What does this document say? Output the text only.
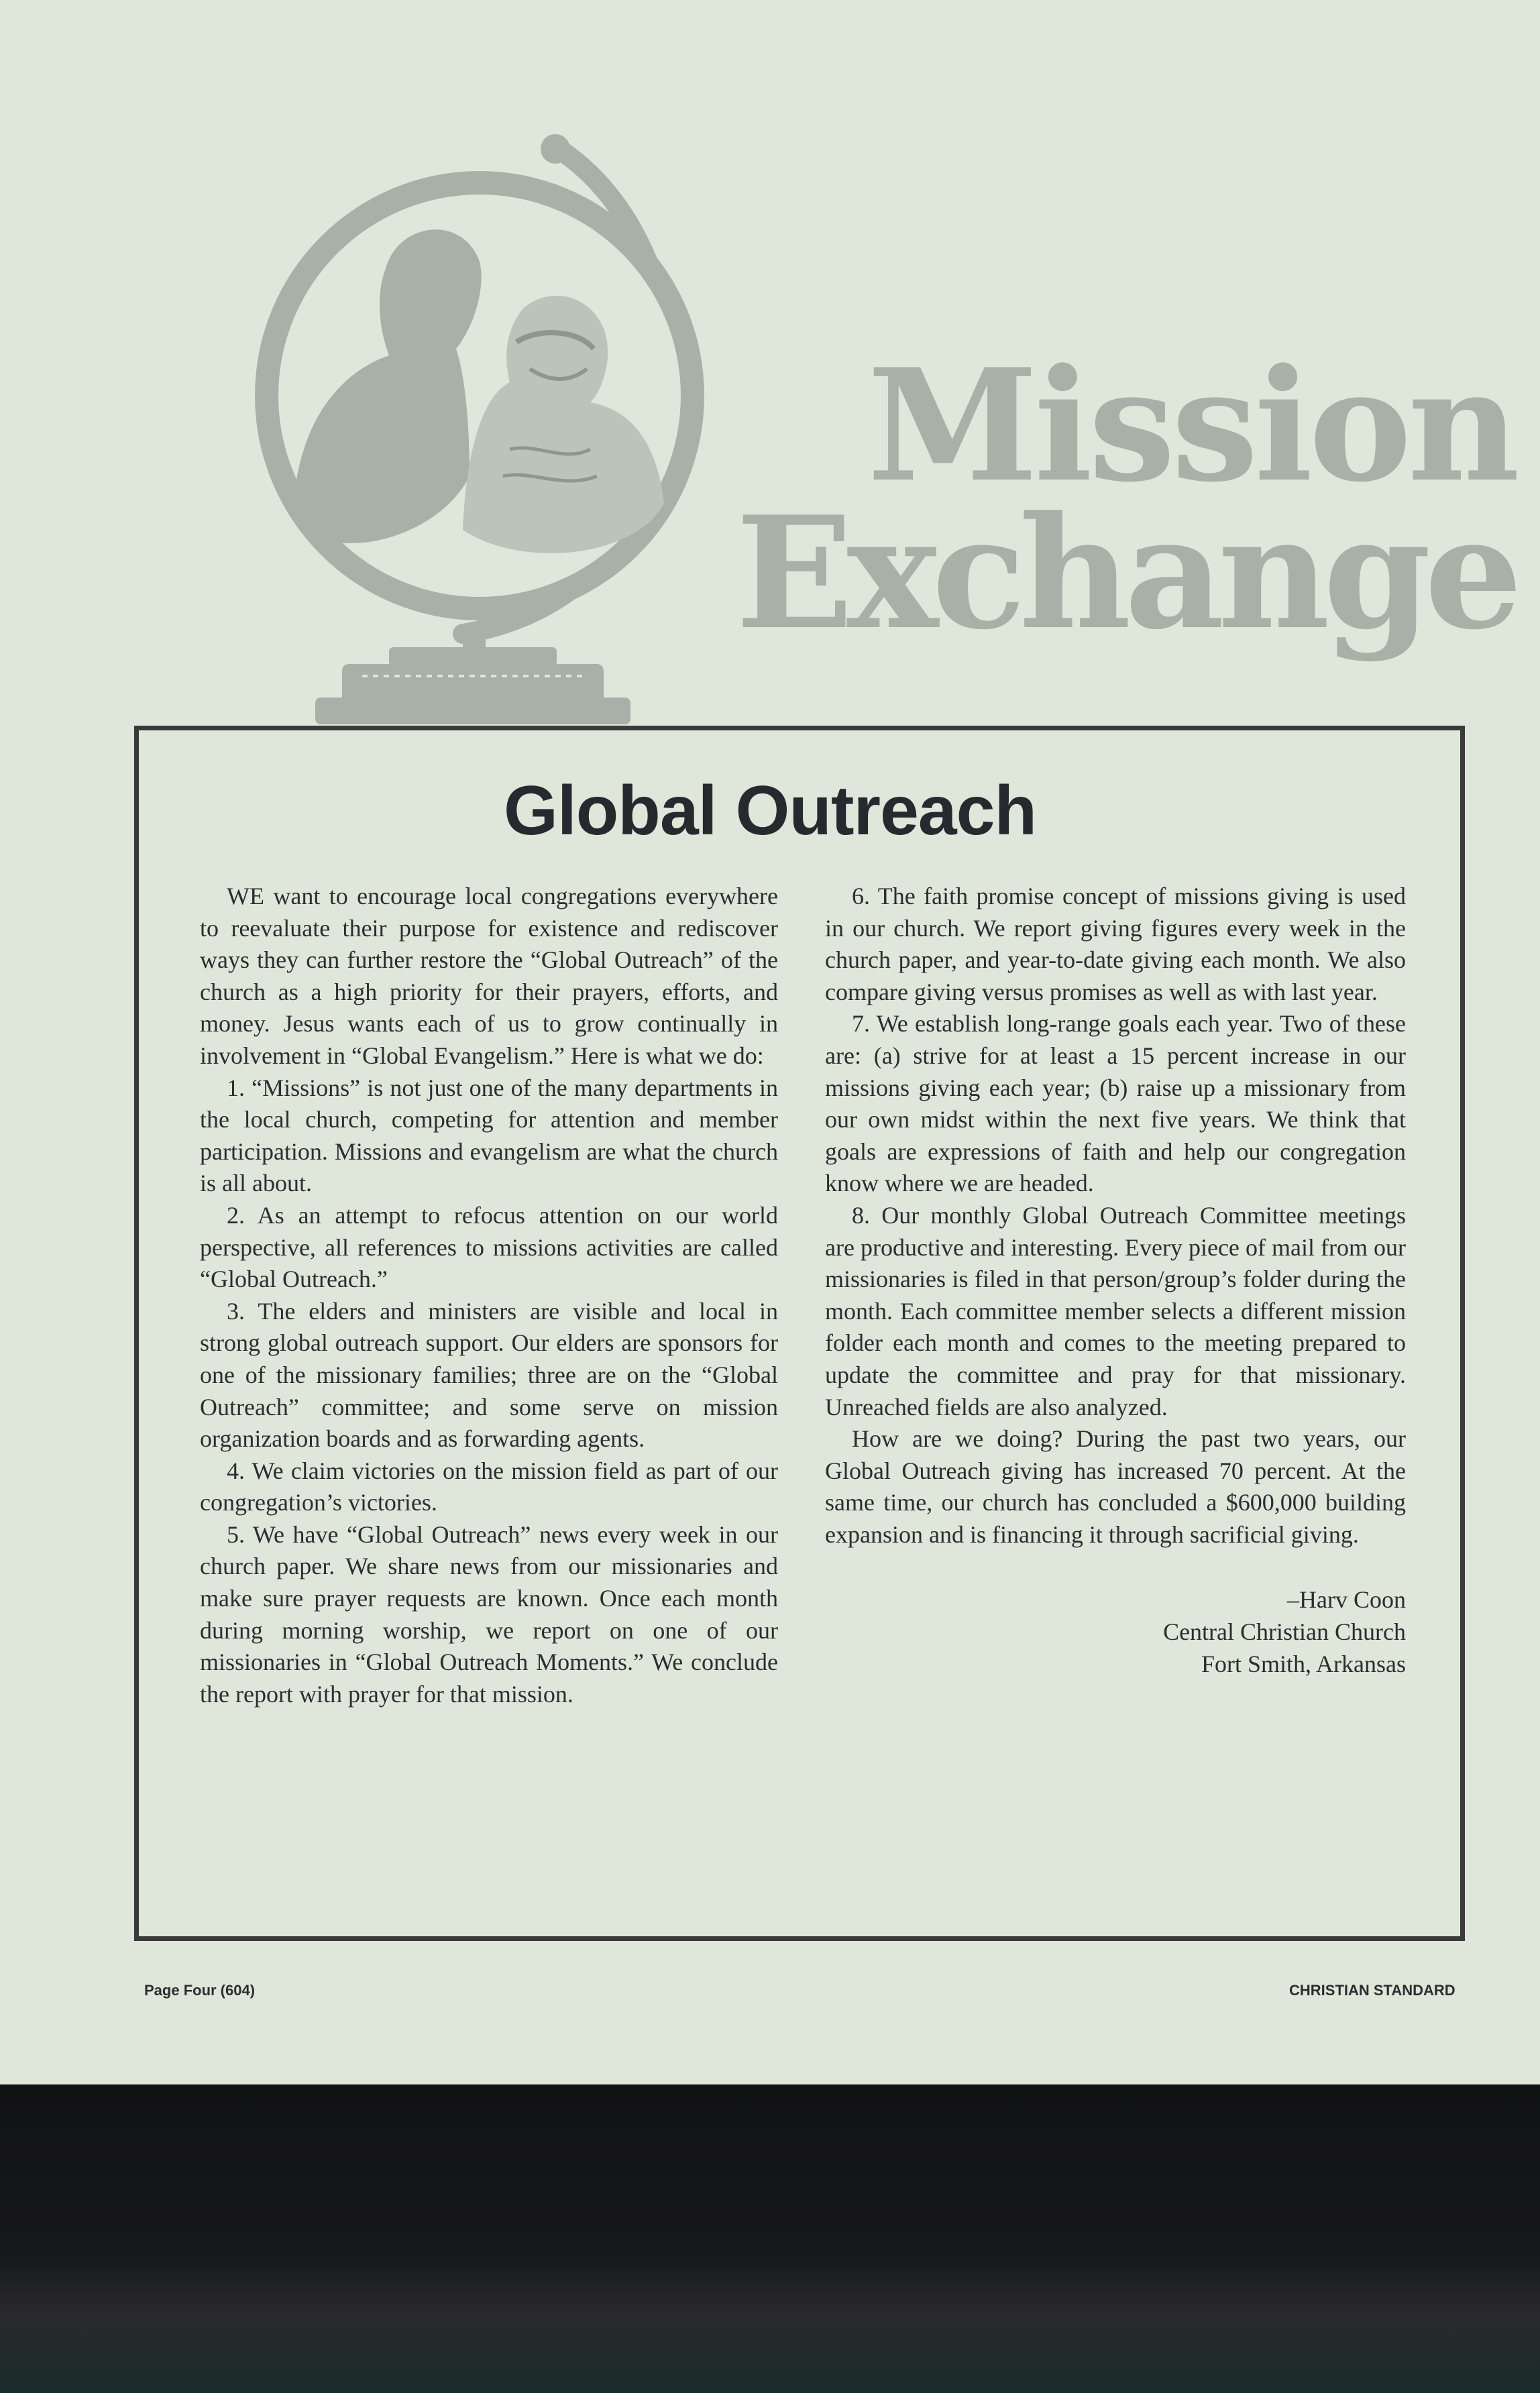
Mission
Exchange
Global Outreach

WE want to encourage local congregations everywhere to reevaluate their purpose for existence and rediscover ways they can further restore the “Global Outreach” of the church as a high priority for their prayers, efforts, and money. Jesus wants each of us to grow continually in involvement in “Global Evangelism.” Here is what we do:

1. “Missions” is not just one of the many departments in the local church, competing for attention and member participation. Missions and evangelism are what the church is all about.

2. As an attempt to refocus attention on our world perspective, all references to missions activities are called “Global Outreach.”

3. The elders and ministers are visible and local in strong global outreach support. Our elders are sponsors for one of the missionary families; three are on the “Global Outreach” committee; and some serve on mission organization boards and as forwarding agents.

4. We claim victories on the mission field as part of our congregation’s victories.

5. We have “Global Outreach” news every week in our church paper. We share news from our missionaries and make sure prayer requests are known. Once each month during morning worship, we report on one of our missionaries in “Global Outreach Moments.” We conclude the report with prayer for that mission.

6. The faith promise concept of missions giving is used in our church. We report giving figures every week in the church paper, and year-to-date giving each month. We also compare giving versus promises as well as with last year.

7. We establish long-range goals each year. Two of these are: (a) strive for at least a 15 percent increase in our missions giving each year; (b) raise up a missionary from our own midst within the next five years. We think that goals are expressions of faith and help our congregation know where we are headed.

8. Our monthly Global Outreach Committee meetings are productive and interesting. Every piece of mail from our missionaries is filed in that person/group’s folder during the month. Each committee member selects a different mission folder each month and comes to the meeting prepared to update the committee and pray for that missionary. Unreached fields are also analyzed.

How are we doing? During the past two years, our Global Outreach giving has increased 70 percent. At the same time, our church has concluded a $600,000 building expansion and is financing it through sacrificial giving.

–Harv Coon
Central Christian Church
Fort Smith, Arkansas
Page Four (604)	CHRISTIAN STANDARD
